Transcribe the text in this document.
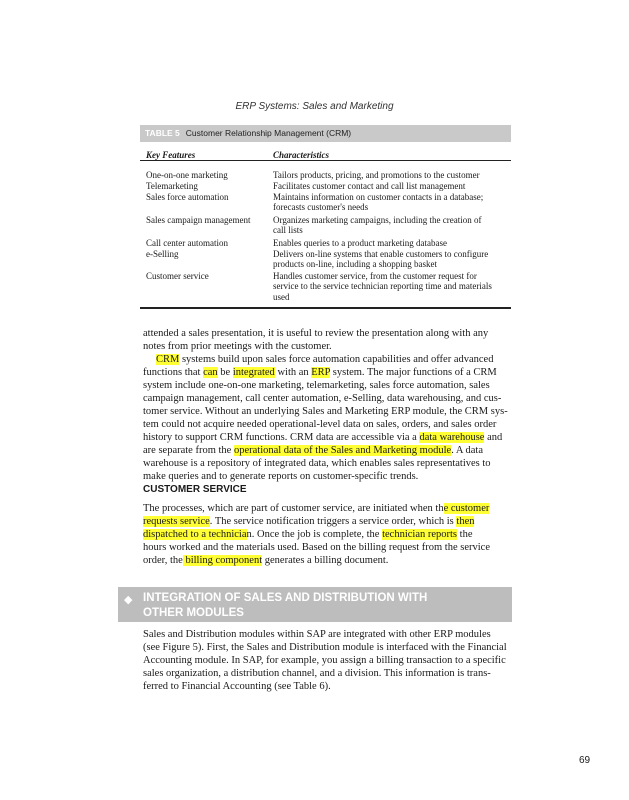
ERP Systems: Sales and Marketing
TABLE 5 Customer Relationship Management (CRM)
Key Features	Characteristics
One-on-one marketing	Tailors products, pricing, and promotions to the customer
Telemarketing	Facilitates customer contact and call list management
Sales force automation	Maintains information on customer contacts in a database;
forecasts customer's needs
Sales campaign management	Organizes marketing campaigns, including the creation of
call lists
Call center automation	Enables queries to a product marketing database
e-Selling	Delivers on-line systems that enable customers to configure
products on-line, including a shopping basket
Customer service	Handles customer service, from the customer request for
service to the service technician reporting time and materials
used
attended a sales presentation, it is useful to review the presentation along with any
notes from prior meetings with the customer.
CRM systems build upon sales force automation capabilities and offer advanced
functions that can be integrated with an ERP system. The major functions of a CRM
system include one-on-one marketing, telemarketing, sales force automation, sales
campaign management, call center automation, e-Selling, data warehousing, and cus-
tomer service. Without an underlying Sales and Marketing ERP module, the CRM sys-
tem could not acquire needed operational-level data on sales, orders, and sales order
history to support CRM functions. CRM data are accessible via a data warehouse and
are separate from the operational data of the Sales and Marketing module. A data
warehouse is a repository of integrated data, which enables sales representatives to
make queries and to generate reports on customer-specific trends.
CUSTOMER SERVICE
The processes, which are part of customer service, are initiated when the customer
requests service. The service notification triggers a service order, which is then
dispatched to a technician. Once the job is complete, the technician reports the
hours worked and the materials used. Based on the billing request from the service
order, the billing component generates a billing document.
◆ INTEGRATION OF SALES AND DISTRIBUTION WITH
OTHER MODULES
Sales and Distribution modules within SAP are integrated with other ERP modules
(see Figure 5). First, the Sales and Distribution module is interfaced with the Financial
Accounting module. In SAP, for example, you assign a billing transaction to a specific
sales organization, a distribution channel, and a division. This information is trans-
ferred to Financial Accounting (see Table 6).
69
